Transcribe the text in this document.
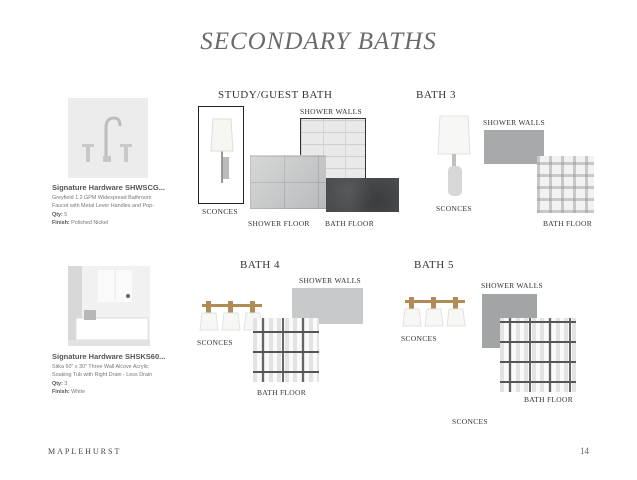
SECONDARY BATHS
Signature Hardware SHWSCG...
Greyfield 1.2 GPM Widespread Bathroom Faucet with Metal Lever Handles and Pop-
Qty: 5
Finish: Polished Nickel
Signature Hardware SHSKS60...
Sitka 60" x 30" Three Wall Alcove Acrylic Soaking Tub with Right Drain - Less Drain
Qty: 3
Finish: White
STUDY/GUEST BATH
SCONCES
SHOWER WALLS
SHOWER FLOOR BATH FLOOR
BATH 3
SCONCES
SHOWER WALLS
BATH FLOOR
BATH 4
SHOWER WALLS
SCONCES
BATH FLOOR
BATH 5
SHOWER WALLS
SCONCES
BATH FLOOR
SCONCES
MAPLEHURST	14
